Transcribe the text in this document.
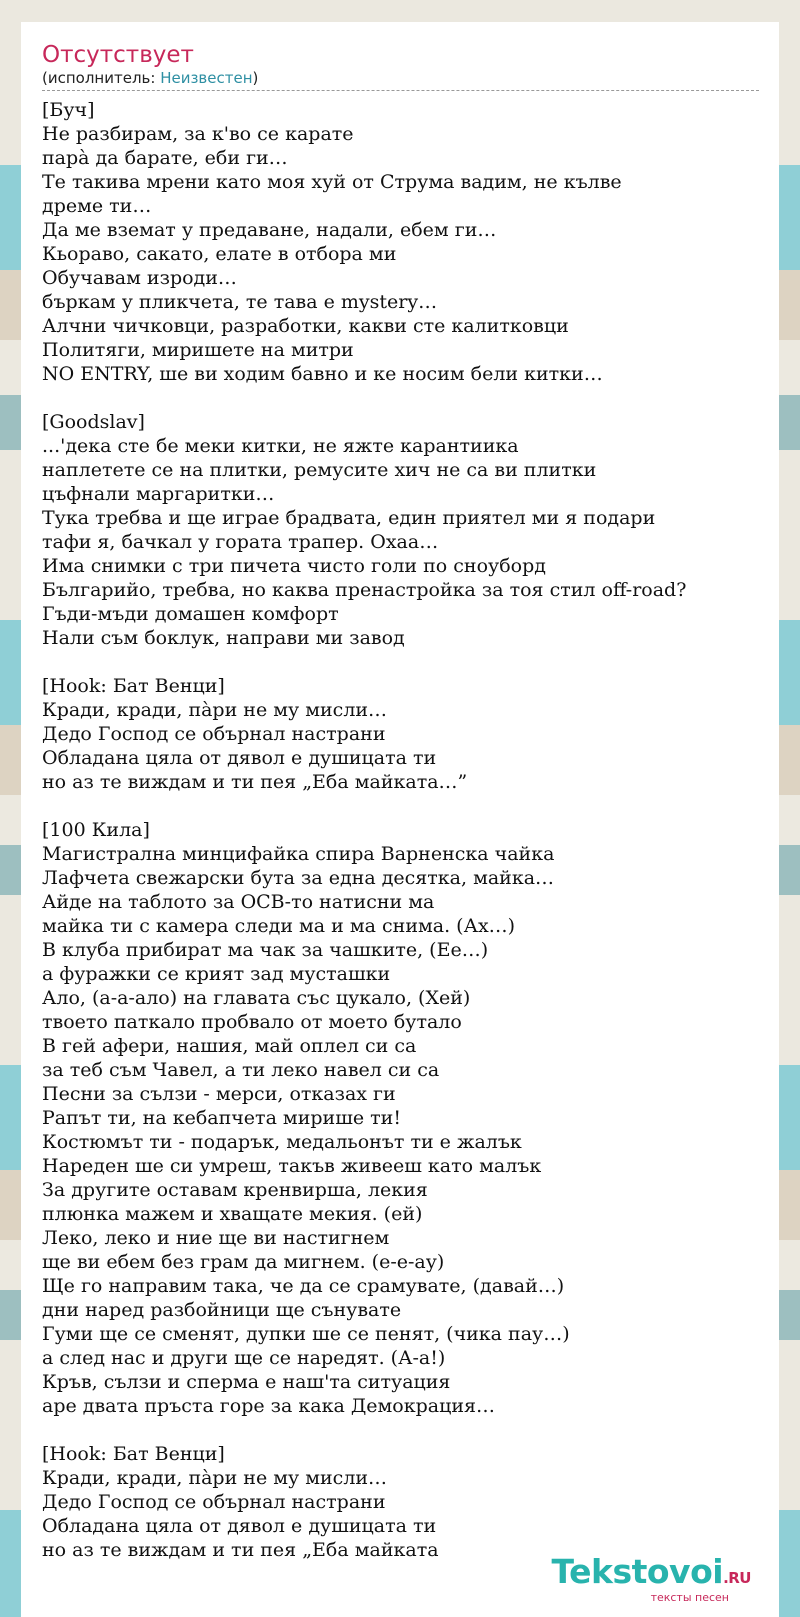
Отсутствует
(исполнитель: Неизвестен)
[Буч]
Не разбирам, за к'во се карате
парà да барате, еби ги…
Те такива мрени като моя хуй от Струма вадим, не кълве
дреме ти…
Да ме вземат у предаване, надали, ебем ги…
Кьораво, сакато, елате в отбора ми
Обучавам изроди…
бъркам у пликчета, те тава е mystery…
Алчни чичковци, разработки, какви сте калитковци
Политяги, миришете на митри
NO ENTRY, ше ви ходим бавно и ке носим бели китки…
[Goodslav]
...'дека сте бе меки китки, не яжте карантиика
наплетете се на плитки, ремусите хич не са ви плитки
цъфнали маргаритки…
Тука требва и ще играе брадвата, един приятел ми я подари
тафи я, бачкал у гората трапер. Охаа…
Има снимки с три пичета чисто голи по сноуборд
Българийо, требва, но каква пренастройка за тоя стил off-road?
Гъди-мъди домашен комфорт
Нали съм боклук, направи ми завод
[Hook: Бат Венци]
Кради, кради, пàри не му мисли…
Дедо Господ се обърнал настрани
Обладана цяла от дявол е душицата ти
но аз те виждам и ти пея „Еба майката…”
[100 Кила]
Магистрална минцифайка спира Варненска чайка
Лафчета свежарски бута за една десятка, майка…
Айде на таблото за ОСВ-то натисни ма
майка ти с камера следи ма и ма снима. (Ах…)
В клуба прибират ма чак за чашките, (Ее…)
а фуражки се крият зад мусташки
Ало, (а-а-ало) на главата със цукало, (Хей)
твоето паткало пробвало от моето бутало
В гей афери, нашия, май оплел си са
за теб съм Чавел, а ти леко навел си са
Песни за сълзи - мерси, отказах ги
Рапът ти, на кебапчета мирише ти!
Костюмът ти - подарък, медальонът ти е жалък
Нареден ше си умреш, такъв живееш като малък
За другите оставам кренвирша, лекия
плюнка мажем и хващате мекия. (ей)
Леко, леко и ние ще ви настигнем
ще ви ебем без грам да мигнем. (е-е-ау)
Ще го направим така, че да се срамувате, (давай…)
дни наред разбойници ще сънувате
Гуми ще се сменят, дупки ше се пенят, (чика пау…)
а след нас и други ще се наредят. (А-а!)
Кръв, сълзи и сперма е наш'та ситуация
аре двата пръста горе за кака Демокрация…
[Hook: Бат Венци]
Кради, кради, пàри не му мисли…
Дедо Господ се обърнал настрани
Обладана цяла от дявол е душицата ти
но аз те виждам и ти пея „Еба майката
Tekstovoi.RU
тексты песен
